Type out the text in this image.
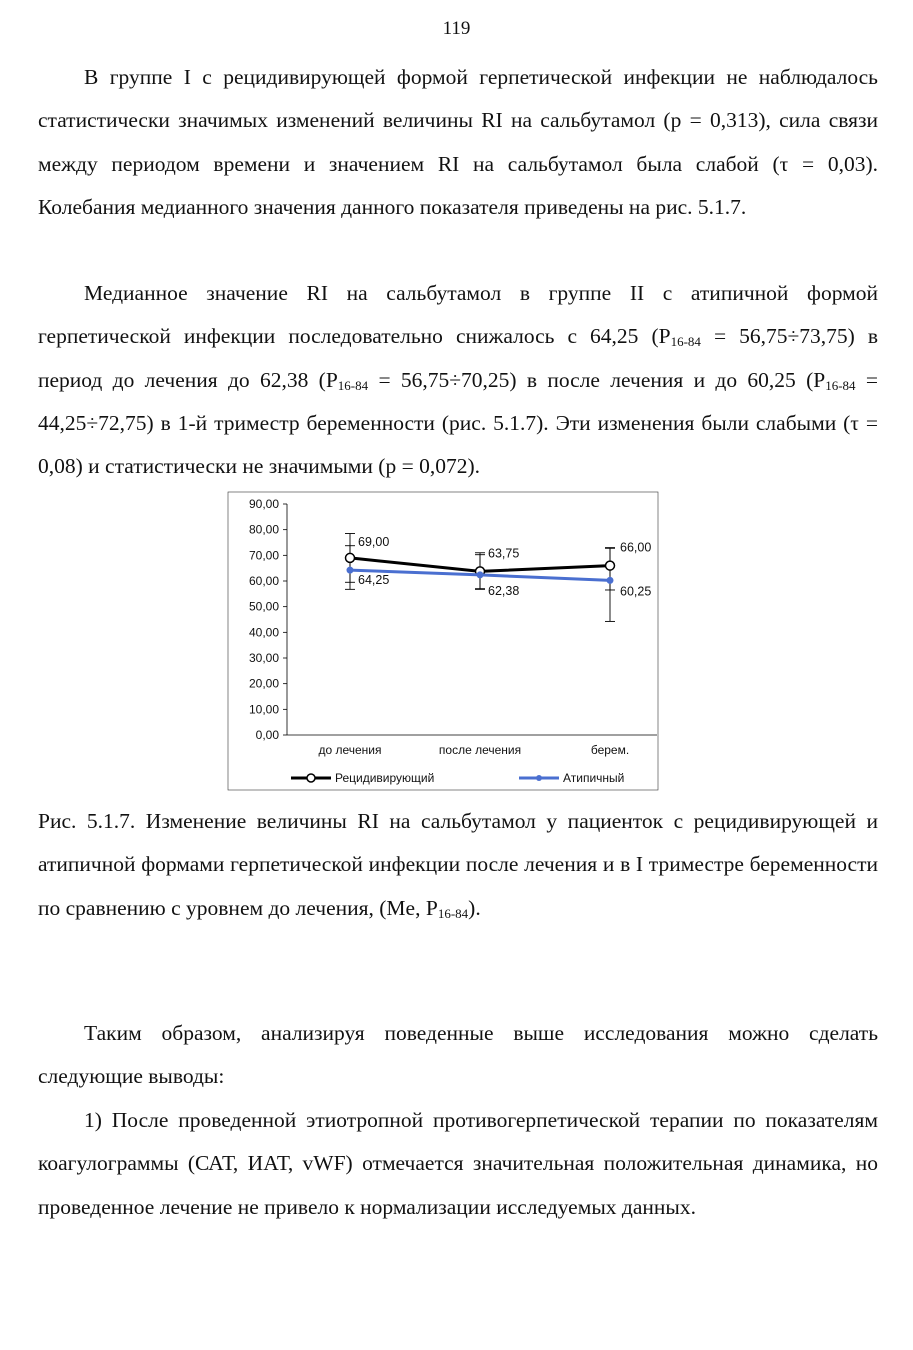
119

В группе I с рецидивирующей формой герпетической инфекции не наблюдалось статистически значимых изменений величины RI на сальбутамол (p = 0,313), сила связи между периодом времени и значением RI на сальбутамол была слабой (τ = 0,03). Колебания медианного значения данного показателя приведены на рис. 5.1.7.

Медианное значение RI на сальбутамол в группе II с атипичной формой герпетической инфекции последовательно снижалось с 64,25 $(P_{16-84} = 56,75\div 73,75)$ в период до лечения до 62,38 $(P_{16-84} = 56,75\div 70,25)$ в после лечения и до 60,25 $(P_{16-84} = 44,25\div 72,75)$ в 1-й триместр беременности (рис. 5.1.7). Эти изменения были слабыми (τ = 0,08) и статистически не значимыми (p = 0,072).

0,00
10,00
20,00
30,00
40,00
50,00
60,00
70,00
80,00
90,00
до лечения	после лечения	берем.
69,00
63,75	66,00
64,25
62,38	60,25
Рецидивирующий	Атипичный

Рис. 5.1.7. Изменение величины RI на сальбутамол у пациенток с рецидивирующей и атипичной формами герпетической инфекции после лечения и в I триместре беременности по сравнению с уровнем до лечения, (Me, $P_{16-84}$).

Таким образом, анализируя поведенные выше исследования можно сделать следующие выводы:

1) После проведенной этиотропной противогерпетической терапии по показателям коагулограммы (САТ, ИАТ, vWF) отмечается значительная положительная динамика, но проведенное лечение не привело к нормализации исследуемых данных.
